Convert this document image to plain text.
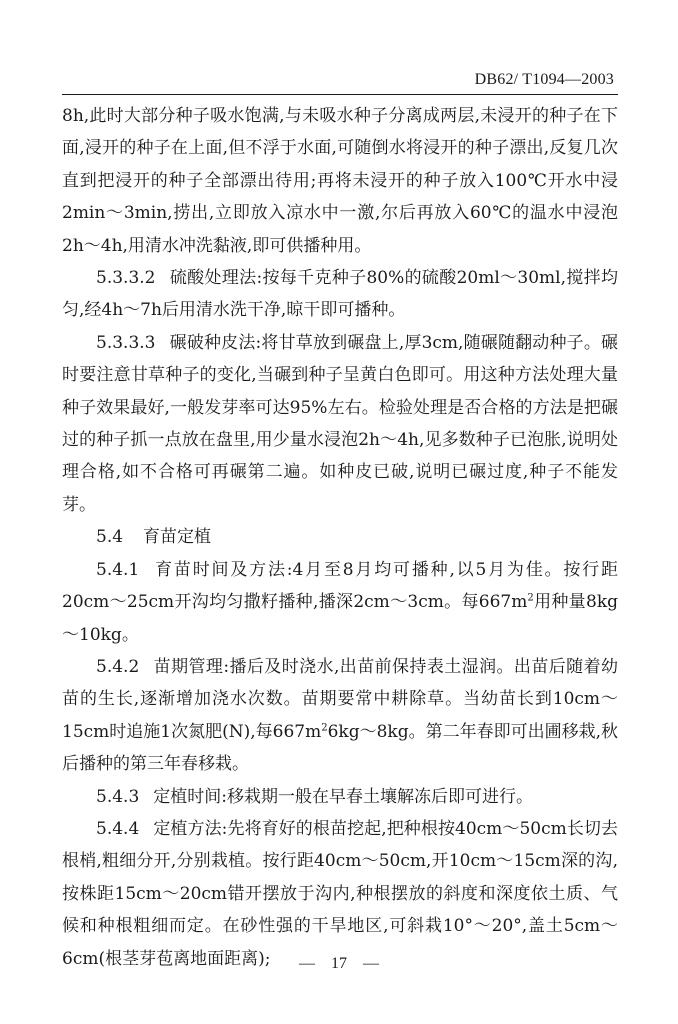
DB62/ T1094—2003

8h,此时大部分种子吸水饱满,与未吸水种子分离成两层,未浸开的种子在下面,浸开的种子在上面,但不浮于水面,可随倒水将浸开的种子漂出,反复几次直到把浸开的种子全部漂出待用;再将未浸开的种子放入100℃开水中浸2min～3min,捞出,立即放入凉水中一激,尔后再放入60℃的温水中浸泡2h～4h,用清水冲洗黏液,即可供播种用。

5.3.3.2 硫酸处理法:按每千克种子80%的硫酸20ml～30ml,搅拌均匀,经4h～7h后用清水洗干净,晾干即可播种。

5.3.3.3 碾破种皮法:将甘草放到碾盘上,厚3cm,随碾随翻动种子。碾时要注意甘草种子的变化,当碾到种子呈黄白色即可。用这种方法处理大量种子效果最好,一般发芽率可达95%左右。检验处理是否合格的方法是把碾过的种子抓一点放在盘里,用少量水浸泡2h～4h,见多数种子已泡胀,说明处理合格,如不合格可再碾第二遍。如种皮已破,说明已碾过度,种子不能发芽。

5.4 育苗定植

5.4.1 育苗时间及方法:4月至8月均可播种,以5月为佳。按行距20cm～25cm开沟均匀撒籽播种,播深2cm～3cm。每$667m^2$用种量8kg～10kg。

5.4.2 苗期管理:播后及时浇水,出苗前保持表土湿润。出苗后随着幼苗的生长,逐渐增加浇水次数。苗期要常中耕除草。当幼苗长到10cm～15cm时追施1次氮肥(N),每$667m^26kg\sim 8kg$。第二年春即可出圃移栽,秋后播种的第三年春移栽。

5.4.3 定植时间:移栽期一般在早春土壤解冻后即可进行。

5.4.4 定植方法:先将育好的根苗挖起,把种根按40cm～50cm长切去根梢,粗细分开,分别栽植。按行距40cm～50cm,开10cm～15cm深的沟,按株距15cm～20cm错开摆放于沟内,种根摆放的斜度和深度依土质、气候和种根粗细而定。在砂性强的干旱地区,可斜栽10°～20°,盖土5cm～6cm(根茎芽苞离地面距离);	— 17 —
